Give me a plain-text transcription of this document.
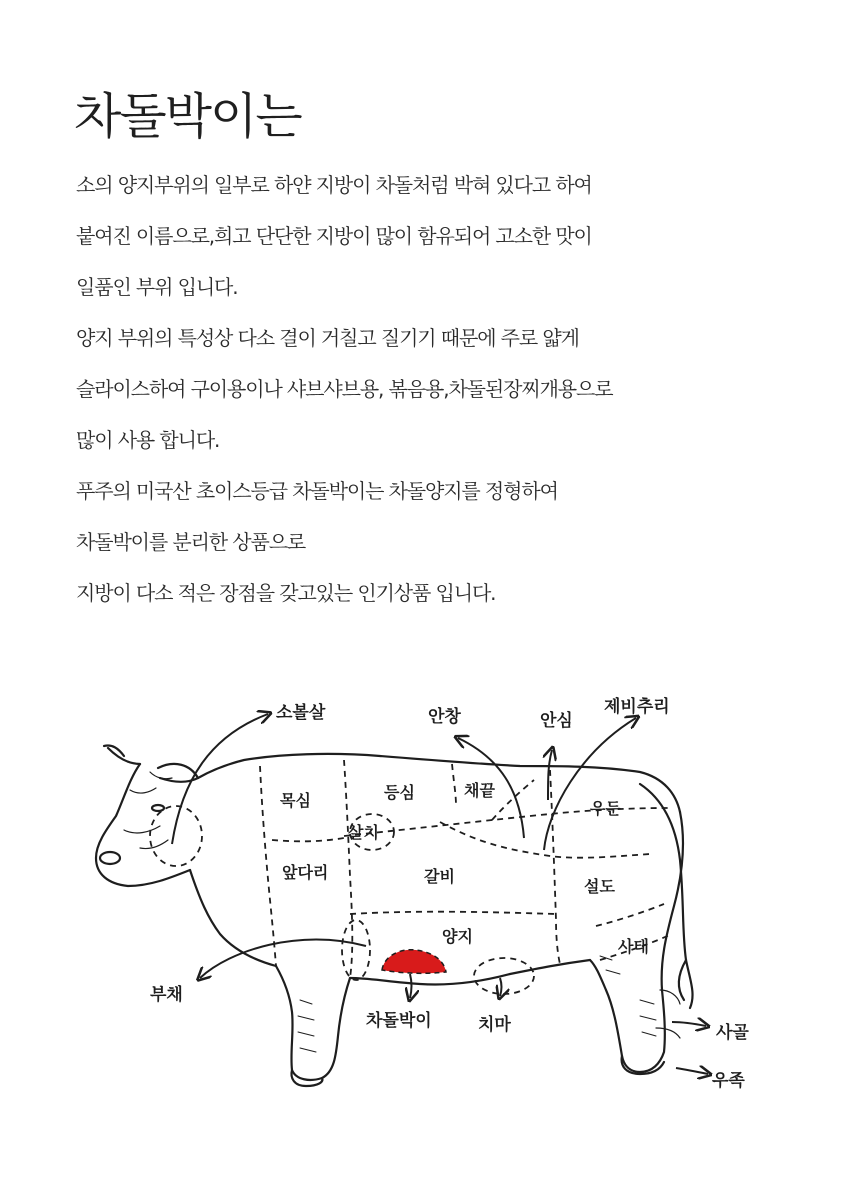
차돌박이는
소의 양지부위의 일부로 하얀 지방이 차돌처럼 박혀 있다고 하여
붙여진 이름으로,희고 단단한 지방이 많이 함유되어 고소한 맛이
일품인 부위 입니다.
양지 부위의 특성상 다소 결이 거칠고 질기기 때문에 주로 얇게
슬라이스하여 구이용이나 샤브샤브용, 볶음용,차돌된장찌개용으로
많이 사용 합니다.
푸주의 미국산 초이스등급 차돌박이는 차돌양지를 정형하여
차돌박이를 분리한 상품으로
지방이 다소 적은 장점을 갖고있는 인기상품 입니다.
소볼살	안창	안심
제비추리
목심	등심	채끝
우둔
살치
앞다리	갈비
설도
양지
사태
부채
차돌박이	치마	사골
우족
